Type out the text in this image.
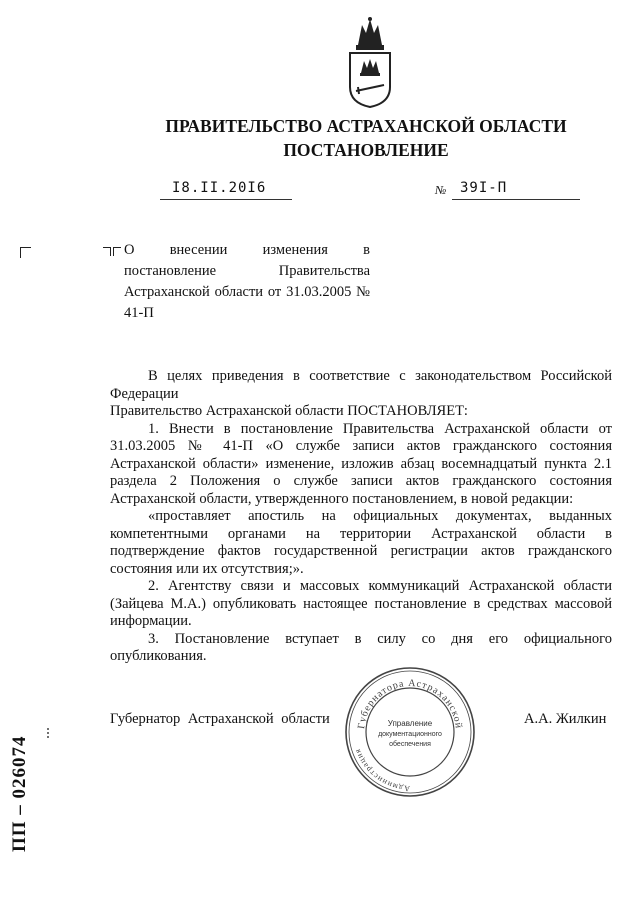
ПРАВИТЕЛЬСТВО АСТРАХАНСКОЙ ОБЛАСТИ
ПОСТАНОВЛЕНИЕ
I8.II.20I6	№ 39I-П
О внесении изменения в постановление Правительства Астраханской области от 31.03.2005 № 41-П

В целях приведения в соответствие с законодательством Российской Федерации

Правительство Астраханской области ПОСТАНОВЛЯЕТ:

1. Внести в постановление Правительства Астраханской области от 31.03.2005 № 41-П «О службе записи актов гражданского состояния Астраханской области» изменение, изложив абзац восемнадцатый пункта 2.1 раздела 2 Положения о службе записи актов гражданского состояния Астраханской области, утвержденного постановлением, в новой редакции:

«проставляет апостиль на официальных документах, выданных компетентными органами на территории Астраханской области в подтверждение фактов государственной регистрации актов гражданского состояния или их отсутствия;».

2. Агентству связи и массовых коммуникаций Астраханской области (Зайцева М.А.) опубликовать настоящее постановление в средствах массовой информации.

3. Постановление вступает в силу со дня его официального опубликования.

Губернатор Астраханской области	А.А. Жилкин
Губернатора Астраханской
Администрация
Управление
документационного
обеспечения
ПП – 026074
